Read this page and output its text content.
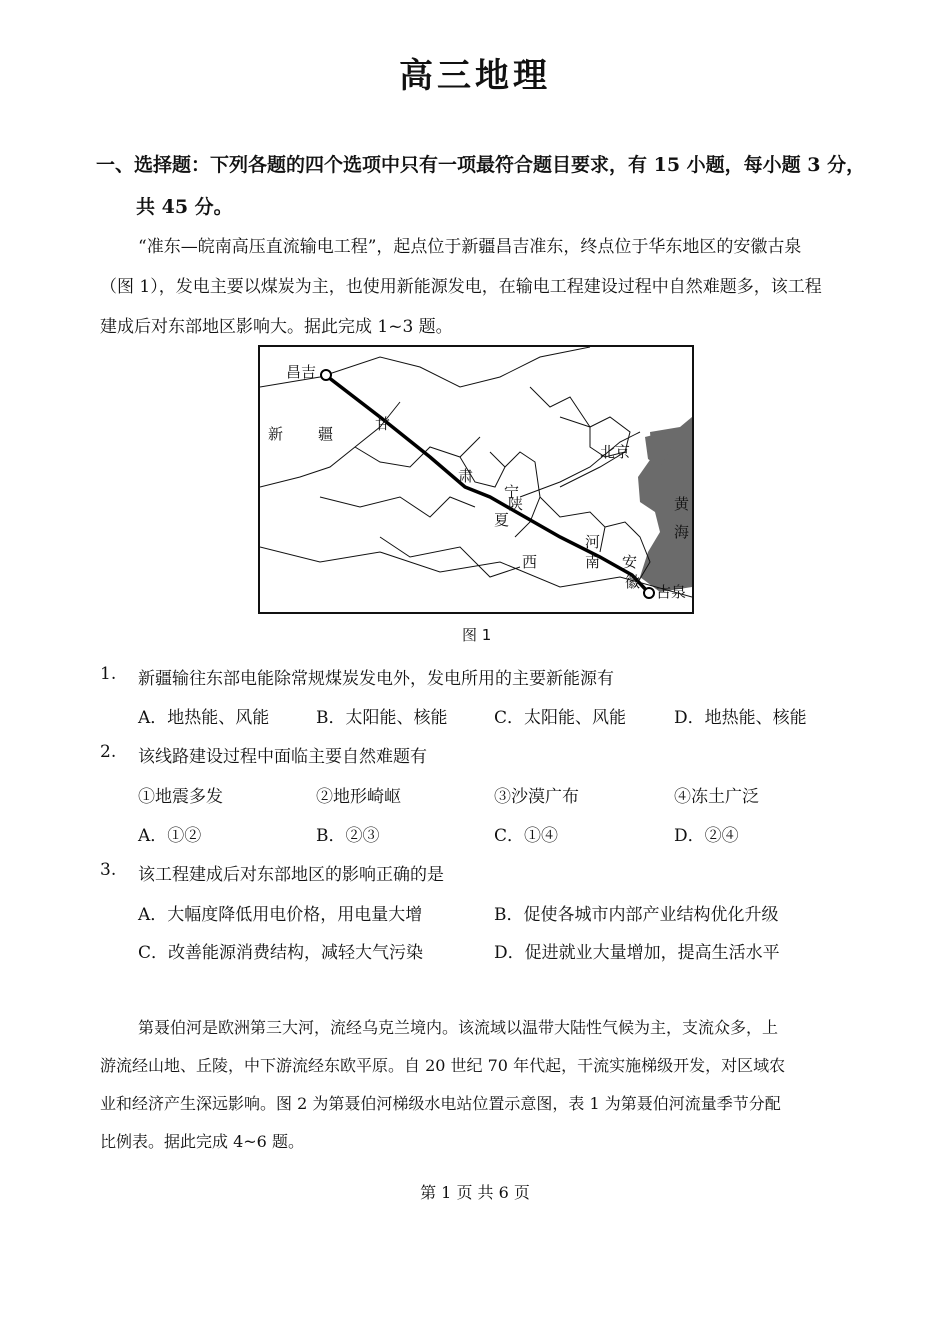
高三地理
一、选择题：下列各题的四个选项中只有一项最符合题目要求，有 15 小题，每小题 3 分，
共 45 分。
“准东—皖南高压直流输电工程”，起点位于新疆昌吉准东，终点位于华东地区的安徽古泉
（图 1），发电主要以煤炭为主，也使用新能源发电，在输电工程建设过程中自然难题多，该工程
建成后对东部地区影响大。据此完成 1~3 题。
昌吉
新 疆
甘
肃
宁
夏
陕
西
河
南 安
徽
北京
黄
海
古泉
图 1
1. 新疆输往东部电能除常规煤炭发电外，发电所用的主要新能源有
A．地热能、风能	B．太阳能、核能	C．太阳能、风能	D．地热能、核能
2. 该线路建设过程中面临主要自然难题有
①地震多发	②地形崎岖	③沙漠广布	④冻土广泛
A．①②	B．②③	C．①④	D．②④
3. 该工程建成后对东部地区的影响正确的是
A．大幅度降低用电价格，用电量大增	B．促使各城市内部产业结构优化升级
C．改善能源消费结构，减轻大气污染	D．促进就业大量增加，提高生活水平
第聂伯河是欧洲第三大河，流经乌克兰境内。该流域以温带大陆性气候为主，支流众多，上
游流经山地、丘陵，中下游流经东欧平原。自 20 世纪 70 年代起，干流实施梯级开发，对区域农
业和经济产生深远影响。图 2 为第聂伯河梯级水电站位置示意图，表 1 为第聂伯河流量季节分配
比例表。据此完成 4~6 题。
第 1 页 共 6 页
